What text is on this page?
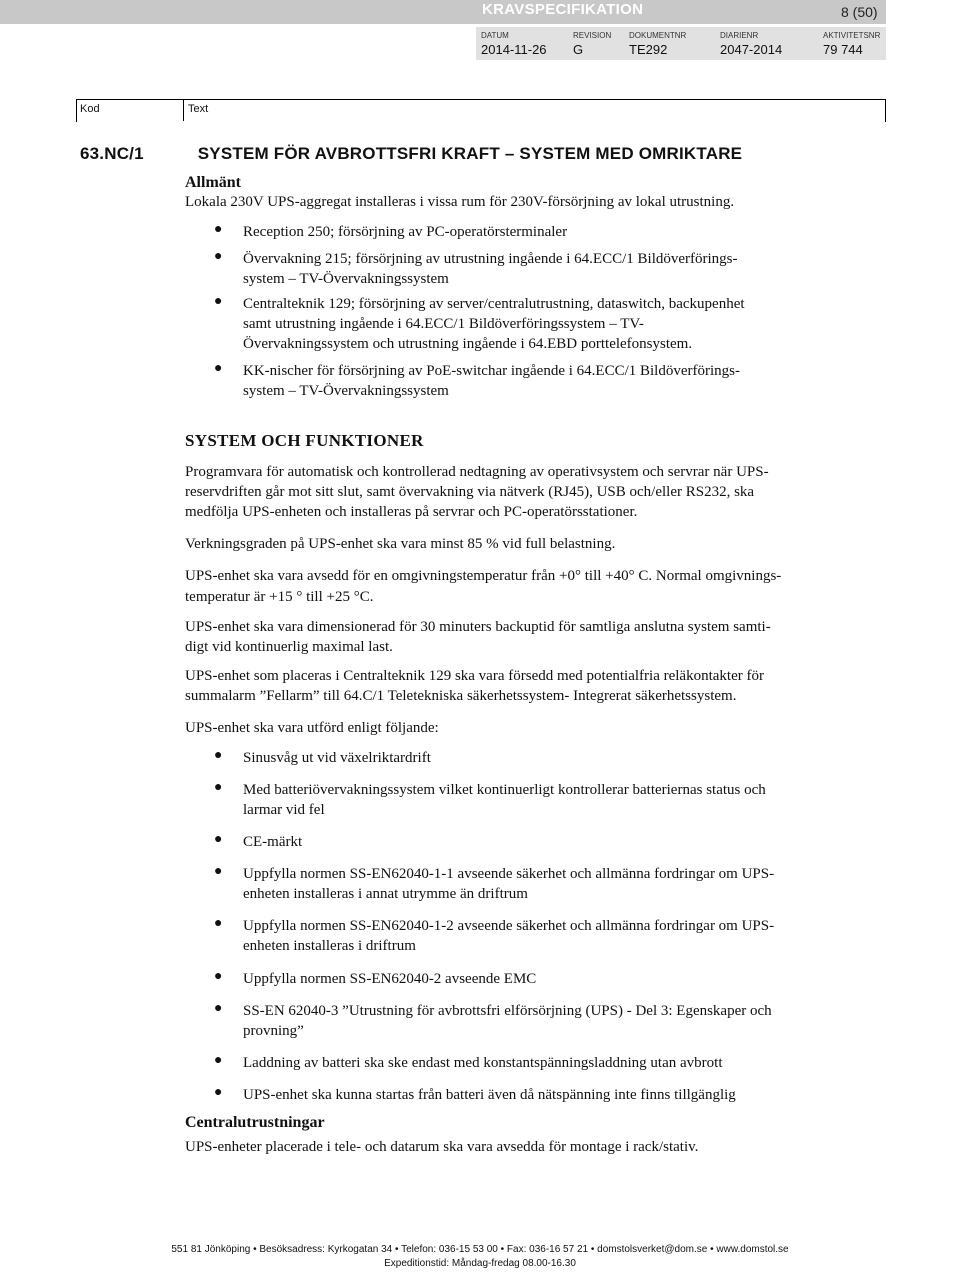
KRAVSPECIFIKATION	8 (50)
DATUM
2014-11-26
REVISION
G
DOKUMENTNR
TE292
DIARIENR
2047-2014
AKTIVITETSNR
79 744
Kod	Text
63.NC/1	SYSTEM FÖR AVBROTTSFRI KRAFT – SYSTEM MED OMRIKTARE
Allmänt
Lokala 230V UPS-aggregat installeras i vissa rum för 230V-försörjning av lokal utrustning.
● Reception 250; försörjning av PC-operatörsterminaler
● Övervakning 215; försörjning av utrustning ingående i 64.ECC/1 Bildöverförings-
system – TV-Övervakningssystem
● Centralteknik 129; försörjning av server/centralutrustning, dataswitch, backupenhet
samt utrustning ingående i 64.ECC/1 Bildöverföringssystem – TV-
Övervakningssystem och utrustning ingående i 64.EBD porttelefonsystem.
● KK-nischer för försörjning av PoE-switchar ingående i 64.ECC/1 Bildöverförings-
system – TV-Övervakningssystem
SYSTEM OCH FUNKTIONER
Programvara för automatisk och kontrollerad nedtagning av operativsystem och servrar när UPS-
reservdriften går mot sitt slut, samt övervakning via nätverk (RJ45), USB och/eller RS232, ska
medfölja UPS-enheten och installeras på servrar och PC-operatörsstationer.
Verkningsgraden på UPS-enhet ska vara minst 85 % vid full belastning.
UPS-enhet ska vara avsedd för en omgivningstemperatur från +0° till +40° C. Normal omgivnings-
temperatur är +15 ° till +25 °C.
UPS-enhet ska vara dimensionerad för 30 minuters backuptid för samtliga anslutna system samti-
digt vid kontinuerlig maximal last.
UPS-enhet som placeras i Centralteknik 129 ska vara försedd med potentialfria reläkontakter för
summalarm ”Fellarm” till 64.C/1 Teletekniska säkerhetssystem- Integrerat säkerhetssystem.
UPS-enhet ska vara utförd enligt följande:
● Sinusvåg ut vid växelriktardrift
● Med batteriövervakningssystem vilket kontinuerligt kontrollerar batteriernas status och
larmar vid fel
● CE-märkt
● Uppfylla normen SS-EN62040-1-1 avseende säkerhet och allmänna fordringar om UPS-
enheten installeras i annat utrymme än driftrum
● Uppfylla normen SS-EN62040-1-2 avseende säkerhet och allmänna fordringar om UPS-
enheten installeras i driftrum
● Uppfylla normen SS-EN62040-2 avseende EMC
● SS-EN 62040-3 ”Utrustning för avbrottsfri elförsörjning (UPS) - Del 3: Egenskaper och
provning”
● Laddning av batteri ska ske endast med konstantspänningsladdning utan avbrott
● UPS-enhet ska kunna startas från batteri även då nätspänning inte finns tillgänglig
Centralutrustningar
UPS-enheter placerade i tele- och datarum ska vara avsedda för montage i rack/stativ.
551 81 Jönköping • Besöksadress: Kyrkogatan 34 • Telefon: 036-15 53 00 • Fax: 036-16 57 21 • domstolsverket@dom.se • www.domstol.se
Expeditionstid: Måndag-fredag 08.00-16.30
